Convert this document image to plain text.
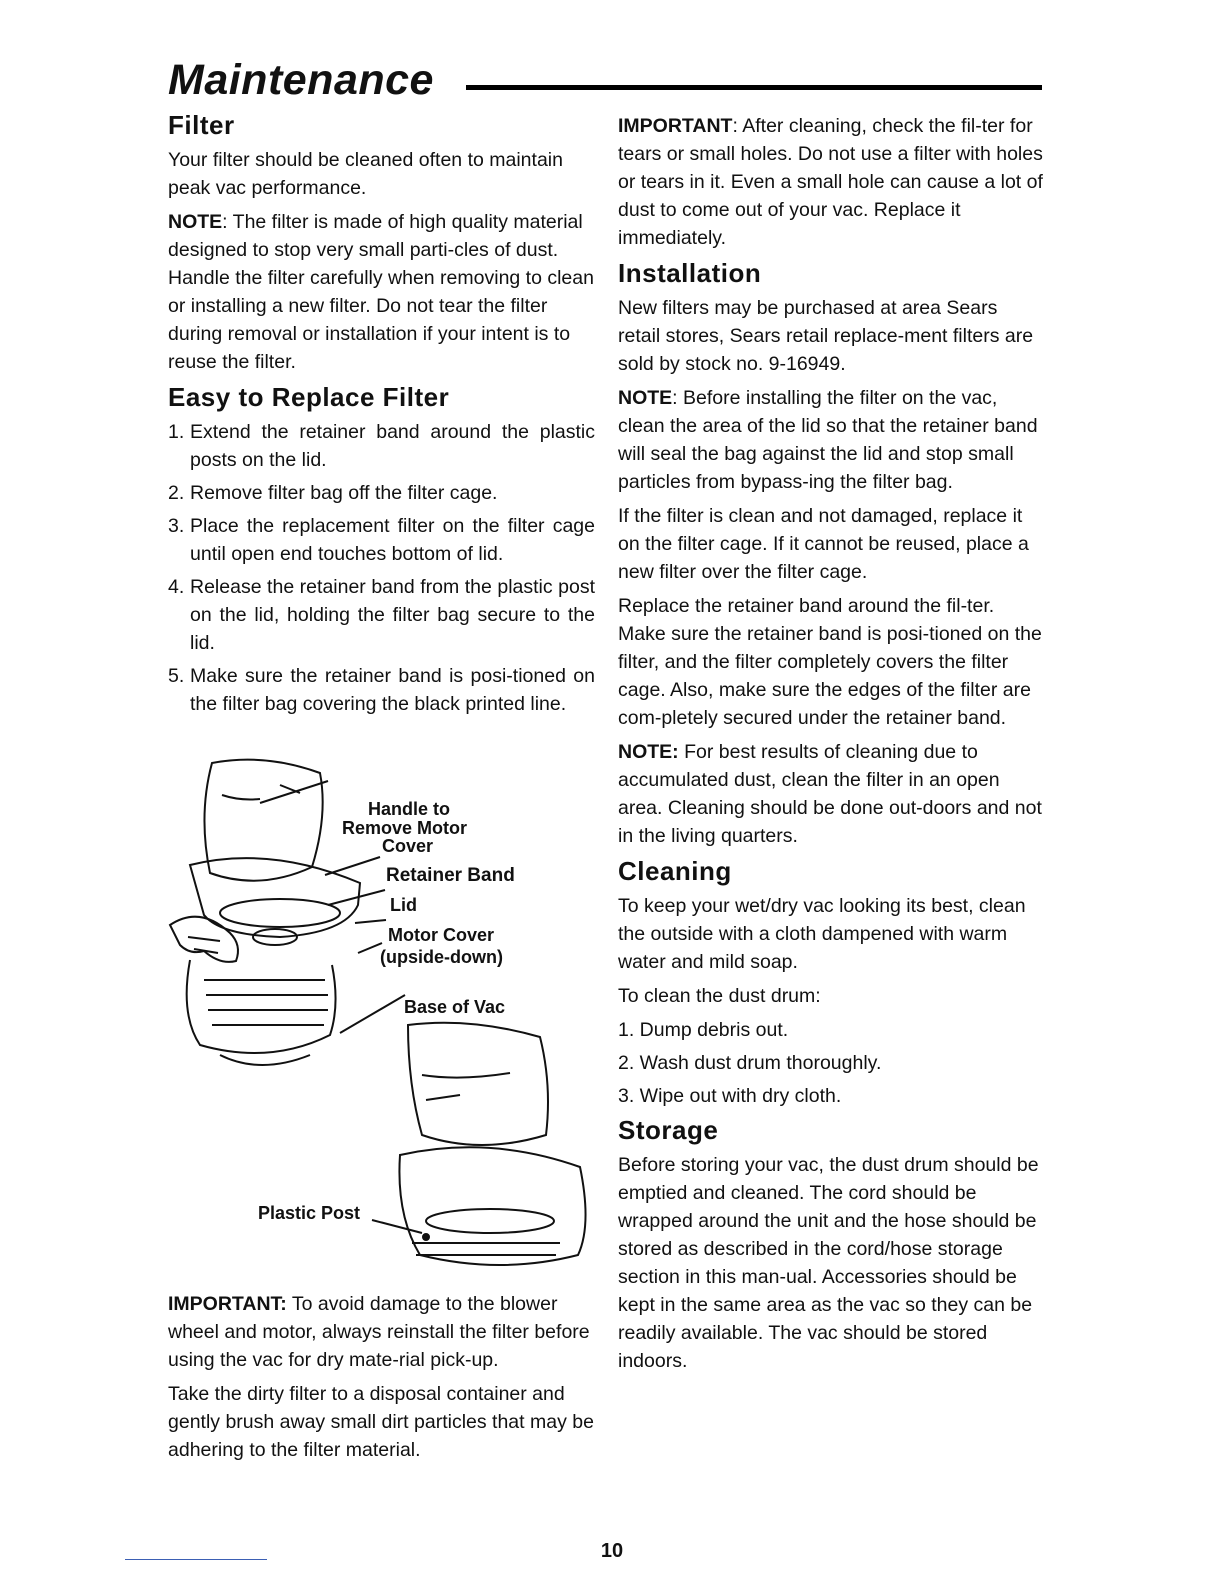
Maintenance
Filter
Your filter should be cleaned often to maintain peak vac performance.
NOTE: The filter is made of high quality material designed to stop very small parti-cles of dust. Handle the filter carefully when removing to clean or installing a new filter. Do not tear the filter during removal or installation if your intent is to reuse the filter.
Easy to Replace Filter
1. Extend the retainer band around the plastic posts on the lid.
2. Remove filter bag off the filter cage.
3. Place the replacement filter on the filter cage until open end touches bottom of lid.
4. Release the retainer band from the plastic post on the lid, holding the filter bag secure to the lid.
5. Make sure the retainer band is posi-tioned on the filter bag covering the black printed line.
Handle to
Remove Motor
Cover
Retainer Band
Lid
Motor Cover
(upside-down)
Base of Vac
Plastic Post
IMPORTANT: To avoid damage to the blower wheel and motor, always reinstall the filter before using the vac for dry mate-rial pick-up.
Take the dirty filter to a disposal container and gently brush away small dirt particles that may be adhering to the filter material.
IMPORTANT: After cleaning, check the fil-ter for tears or small holes. Do not use a filter with holes or tears in it. Even a small hole can cause a lot of dust to come out of your vac. Replace it immediately.
Installation
New filters may be purchased at area Sears retail stores, Sears retail replace-ment filters are sold by stock no. 9-16949.
NOTE: Before installing the filter on the vac, clean the area of the lid so that the retainer band will seal the bag against the lid and stop small particles from bypass-ing the filter bag.
If the filter is clean and not damaged, replace it on the filter cage. If it cannot be reused, place a new filter over the filter cage.
Replace the retainer band around the fil-ter. Make sure the retainer band is posi-tioned on the filter, and the filter completely covers the filter cage. Also, make sure the edges of the filter are com-pletely secured under the retainer band.
NOTE: For best results of cleaning due to accumulated dust, clean the filter in an open area. Cleaning should be done out-doors and not in the living quarters.
Cleaning
To keep your wet/dry vac looking its best, clean the outside with a cloth dampened with warm water and mild soap.
To clean the dust drum:
1. Dump debris out.
2. Wash dust drum thoroughly.
3. Wipe out with dry cloth.
Storage
Before storing your vac, the dust drum should be emptied and cleaned. The cord should be wrapped around the unit and the hose should be stored as described in the cord/hose storage section in this man-ual. Accessories should be kept in the same area as the vac so they can be readily available. The vac should be stored indoors.
10
